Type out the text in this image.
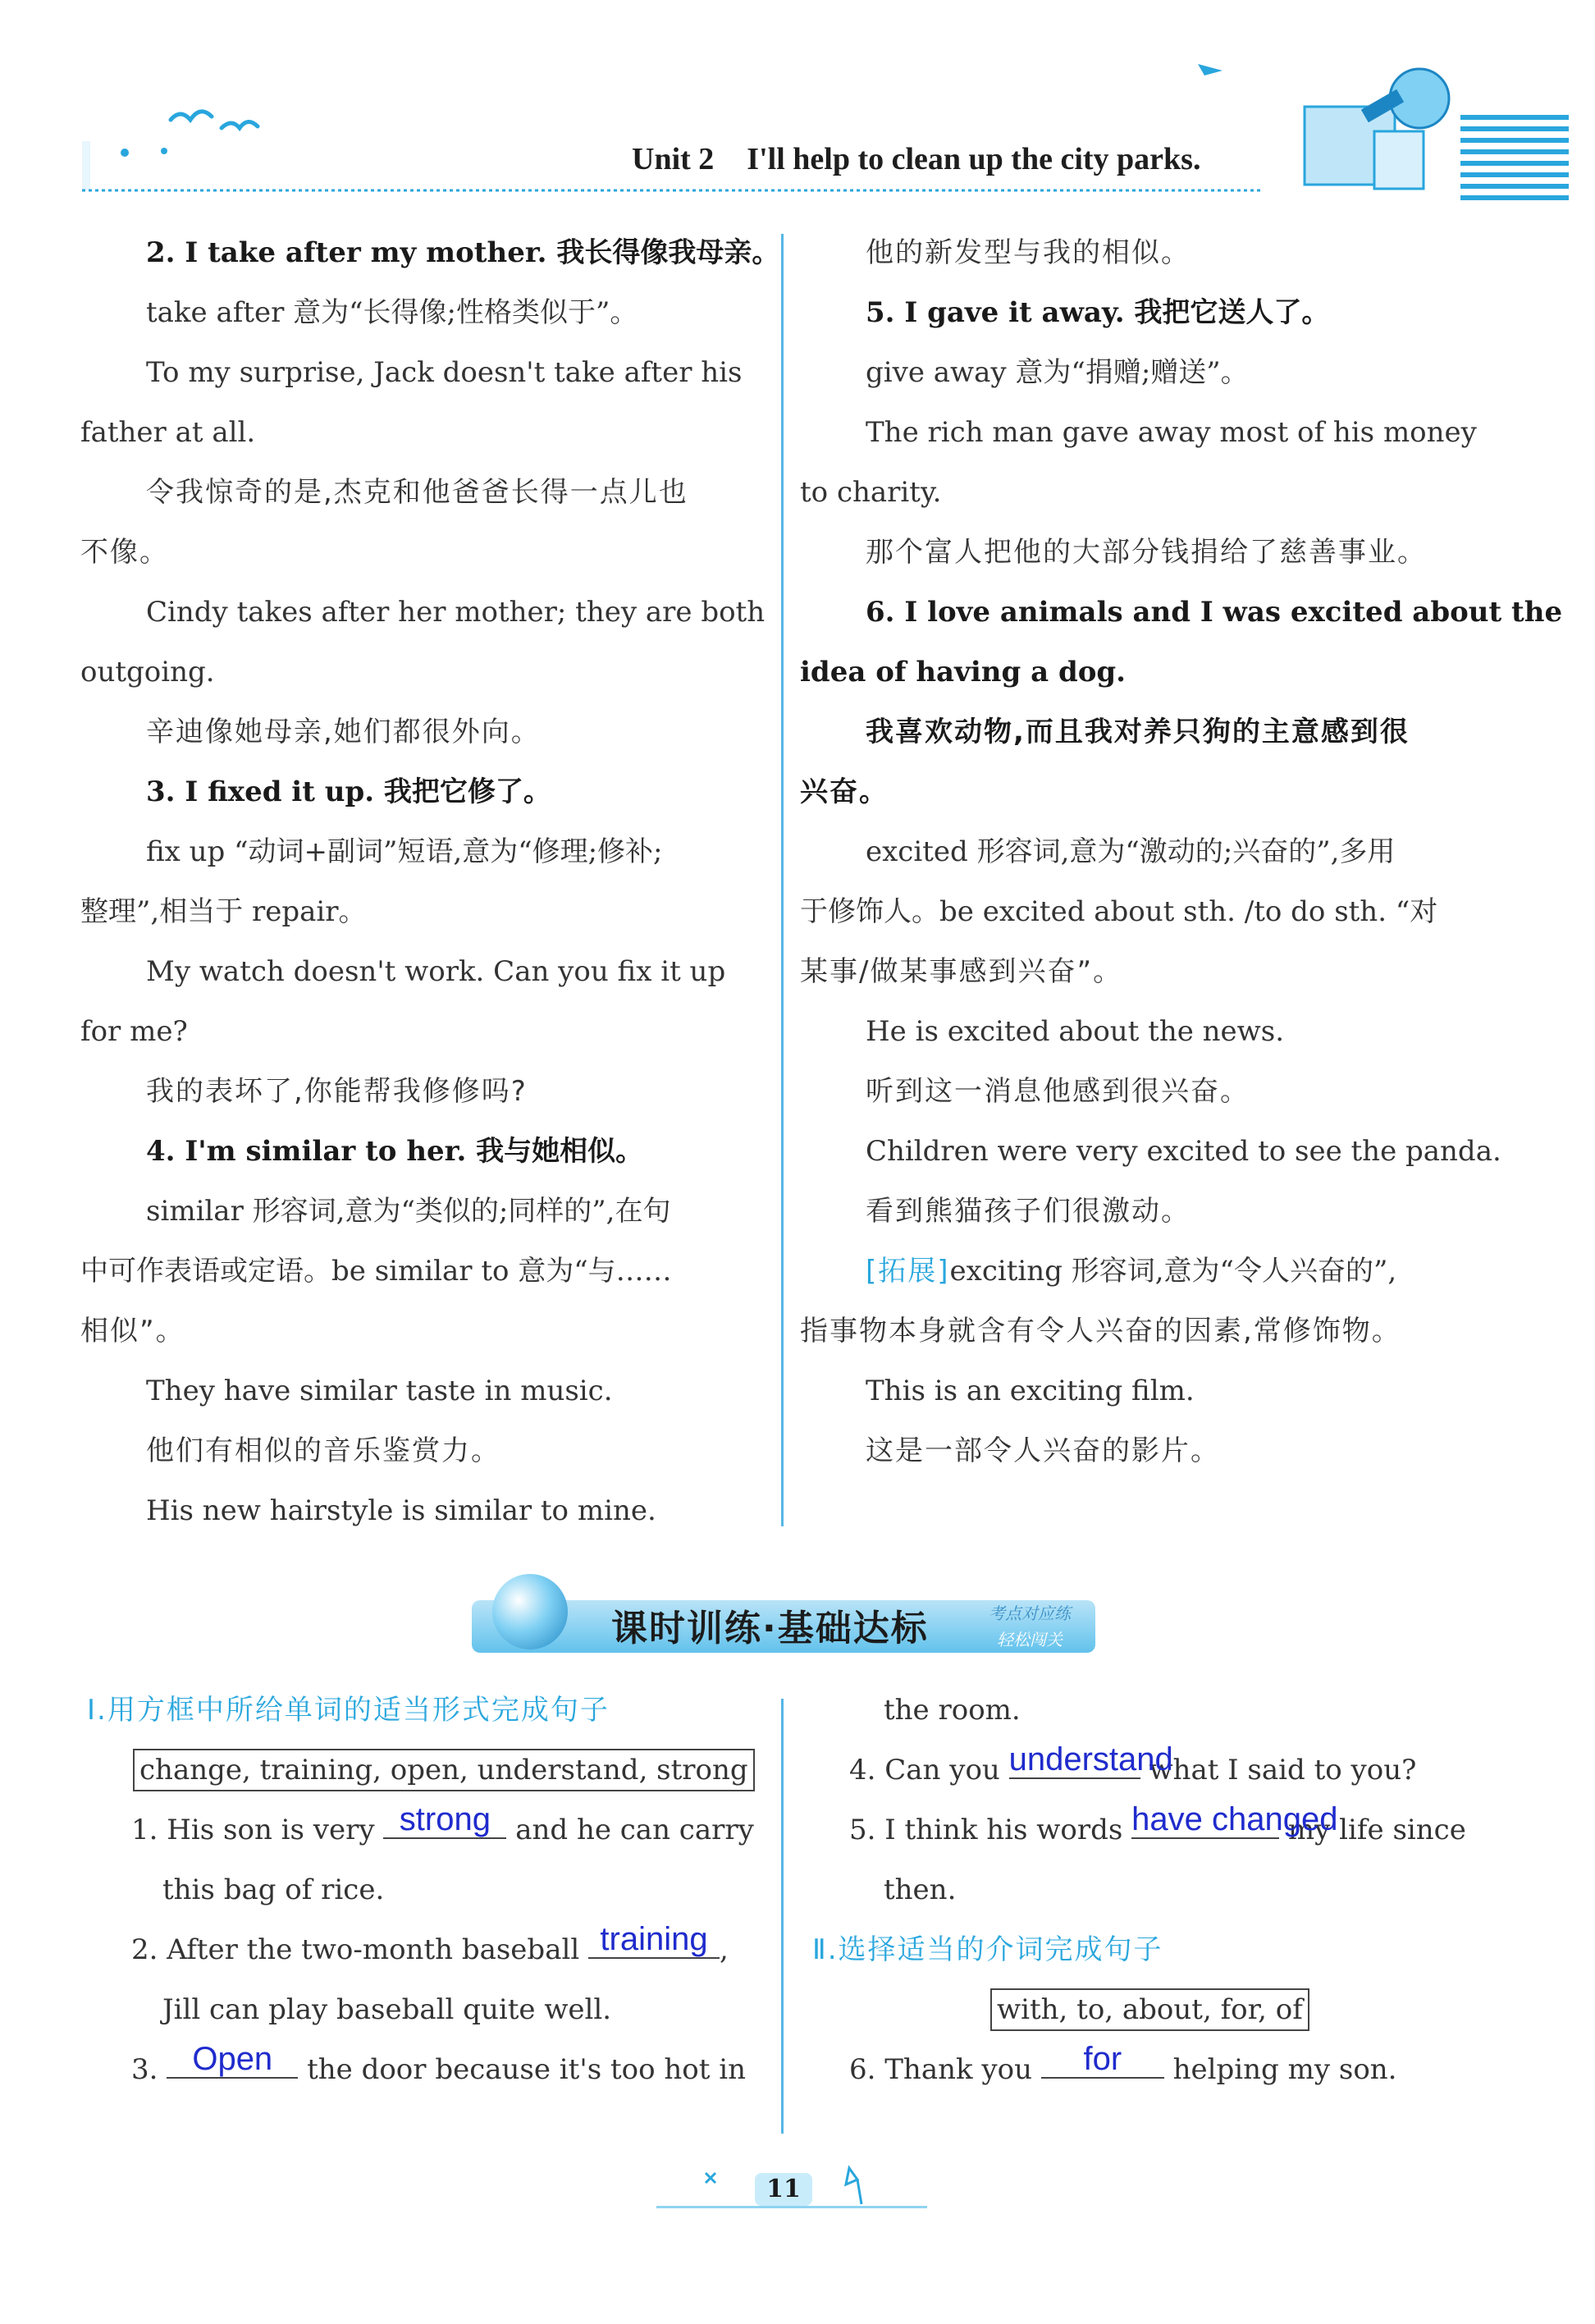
Unit 2 I'll help to clean up the city parks.

2. I take after my mother. 我长得像我母亲。

take after 意为“长得像;性格类似于”。

To my surprise, Jack doesn't take after his

father at all.

令我惊奇的是,杰克和他爸爸长得一点儿也

不像。

Cindy takes after her mother; they are both

outgoing.

辛迪像她母亲,她们都很外向。

3. I fixed it up. 我把它修了。

fix up “动词+副词”短语,意为“修理;修补;

整理”,相当于 repair。

My watch doesn't work. Can you fix it up

for me?

我的表坏了,你能帮我修修吗?

4. I'm similar to her. 我与她相似。

similar 形容词,意为“类似的;同样的”,在句

中可作表语或定语。be similar to 意为“与……

相似”。

They have similar taste in music.

他们有相似的音乐鉴赏力。

His new hairstyle is similar to mine.

他的新发型与我的相似。

5. I gave it away. 我把它送人了。

give away 意为“捐赠;赠送”。

The rich man gave away most of his money

to charity.

那个富人把他的大部分钱捐给了慈善事业。

6. I love animals and I was excited about the

idea of having a dog.

我喜欢动物,而且我对养只狗的主意感到很

兴奋。

excited 形容词,意为“激动的;兴奋的”,多用

于修饰人。be excited about sth. /to do sth. “对

某事/做某事感到兴奋”。

He is excited about the news.

听到这一消息他感到很兴奋。

Children were very excited to see the panda.

看到熊猫孩子们很激动。

[拓展]exciting 形容词,意为“令人兴奋的”,

指事物本身就含有令人兴奋的因素,常修饰物。

This is an exciting film.

这是一部令人兴奋的影片。

课时训练·基础达标	考点对应练
轻松闯关

Ⅰ.用方框中所给单词的适当形式完成句子

change, training, open, understand, strong

1. His son is very strong and he can carry

this bag of rice.

2. After the two-month baseball training ,

Jill can play baseball quite well.

3.	Open	the door because it's too hot in

the room.

4. Can you understand
what I said to you?

5. I think his words have changed
my life since

then.

Ⅱ.选择适当的介词完成句子

with, to, about, for, of

6. Thank you	for	helping my son.

11
